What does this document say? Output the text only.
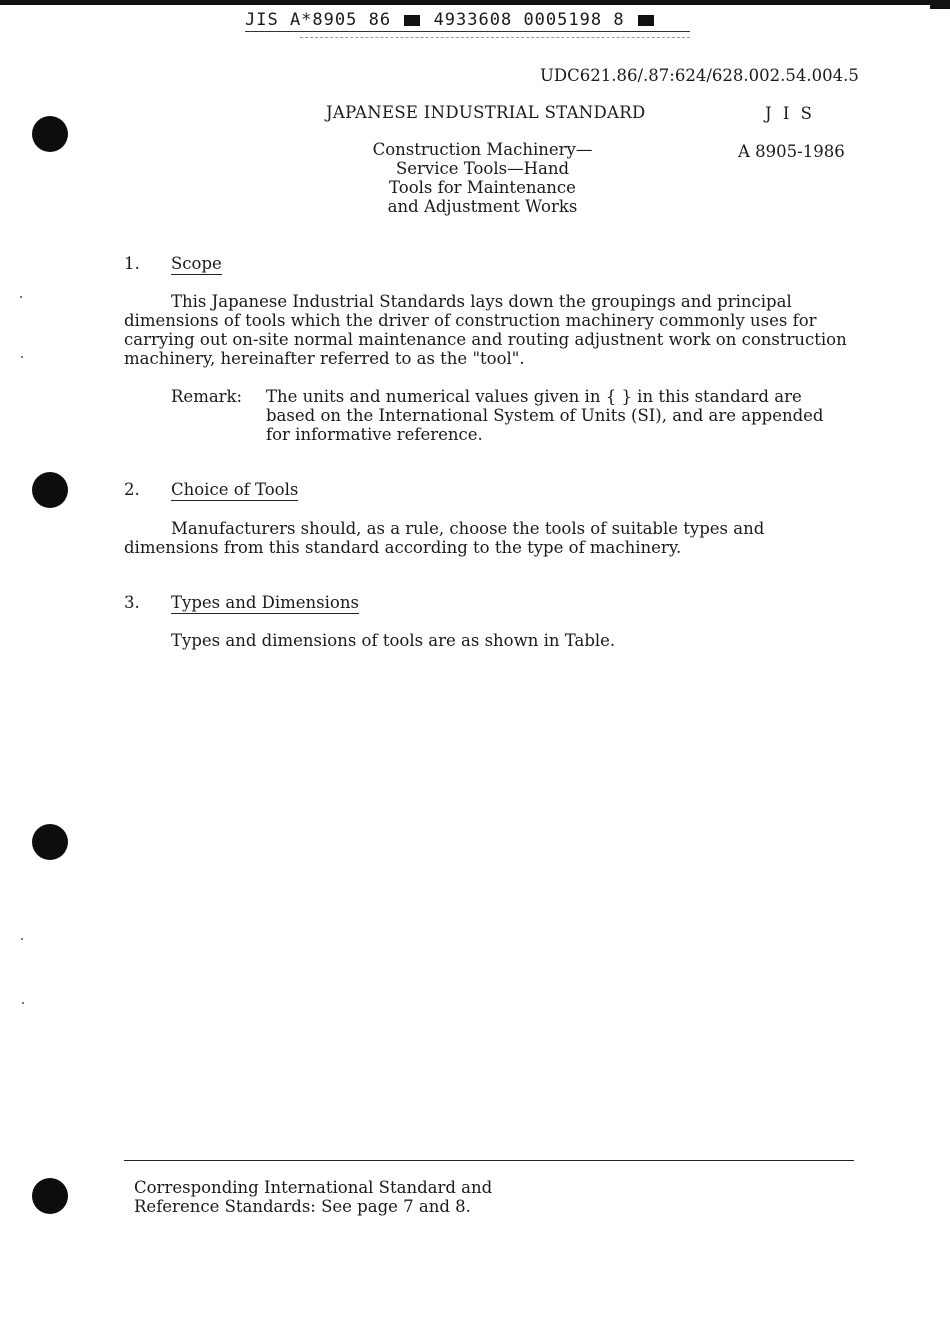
JIS A*8905 86	4933608 0005198 8
UDC621.86/.87:624/628.002.54.004.5
JAPANESE INDUSTRIAL STANDARD	J I S
A 8905-1986
Construction Machinery—
Service Tools—Hand
Tools for Maintenance
and Adjustment Works
1. Scope
This Japanese Industrial Standards lays down the groupings and principal
dimensions of tools which the driver of construction machinery commonly uses for
carrying out on-site normal maintenance and routing adjustnent work on construction
machinery, hereinafter referred to as the "tool".
Remark: The units and numerical values given in { } in this standard are
based on the International System of Units (SI), and are appended
for informative reference.
2. Choice of Tools
Manufacturers should, as a rule, choose the tools of suitable types and
dimensions from this standard according to the type of machinery.
3. Types and Dimensions
Types and dimensions of tools are as shown in Table.
Corresponding International Standard and
Reference Standards: See page 7 and 8.
